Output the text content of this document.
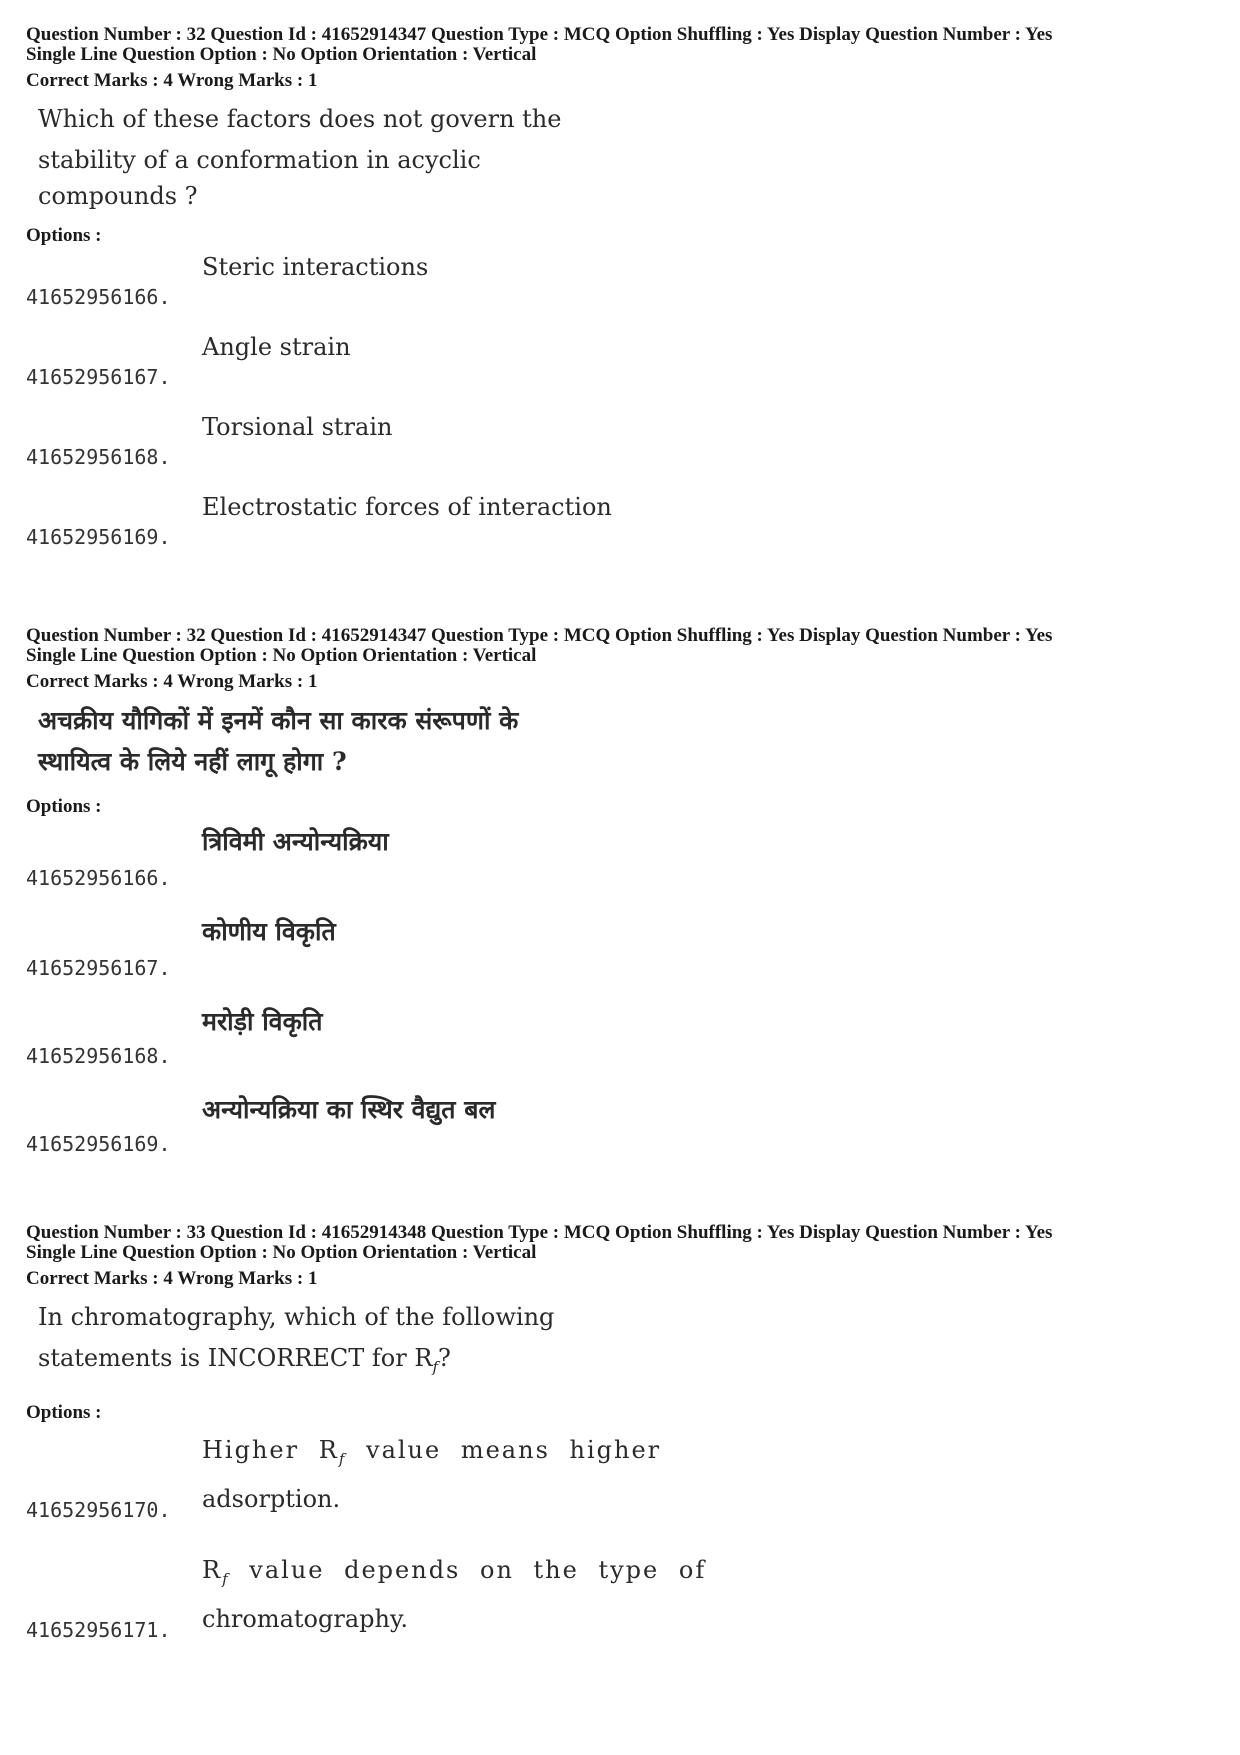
Question Number : 32 Question Id : 41652914347 Question Type : MCQ Option Shuffling : Yes Display Question Number : Yes
Single Line Question Option : No Option Orientation : Vertical
Correct Marks : 4 Wrong Marks : 1
Which of these factors does not govern the
stability of a conformation in acyclic
compounds ?
Options :
41652956166.
Steric interactions
41652956167.
Angle strain
41652956168.
Torsional strain
41652956169.
Electrostatic forces of interaction
Question Number : 32 Question Id : 41652914347 Question Type : MCQ Option Shuffling : Yes Display Question Number : Yes
Single Line Question Option : No Option Orientation : Vertical
Correct Marks : 4 Wrong Marks : 1
अचक्रीय यौगिकों में इनमें कौन सा कारक संरूपणों के
स्थायित्व के लिये नहीं लागू होगा ?
Options :
41652956166.
त्रिविमी अन्योन्यक्रिया
41652956167.
कोणीय विकृति
41652956168.
मरोड़ी विकृति
41652956169.
अन्योन्यक्रिया का स्थिर वैद्युत बल
Question Number : 33 Question Id : 41652914348 Question Type : MCQ Option Shuffling : Yes Display Question Number : Yes
Single Line Question Option : No Option Orientation : Vertical
Correct Marks : 4 Wrong Marks : 1
In chromatography, which of the following
statements is INCORRECT for $R_f$?
Options :
41652956170.
Higher $R_f$ value means higher
adsorption.
41652956171.
$R_f$ value depends on the type of
chromatography.
